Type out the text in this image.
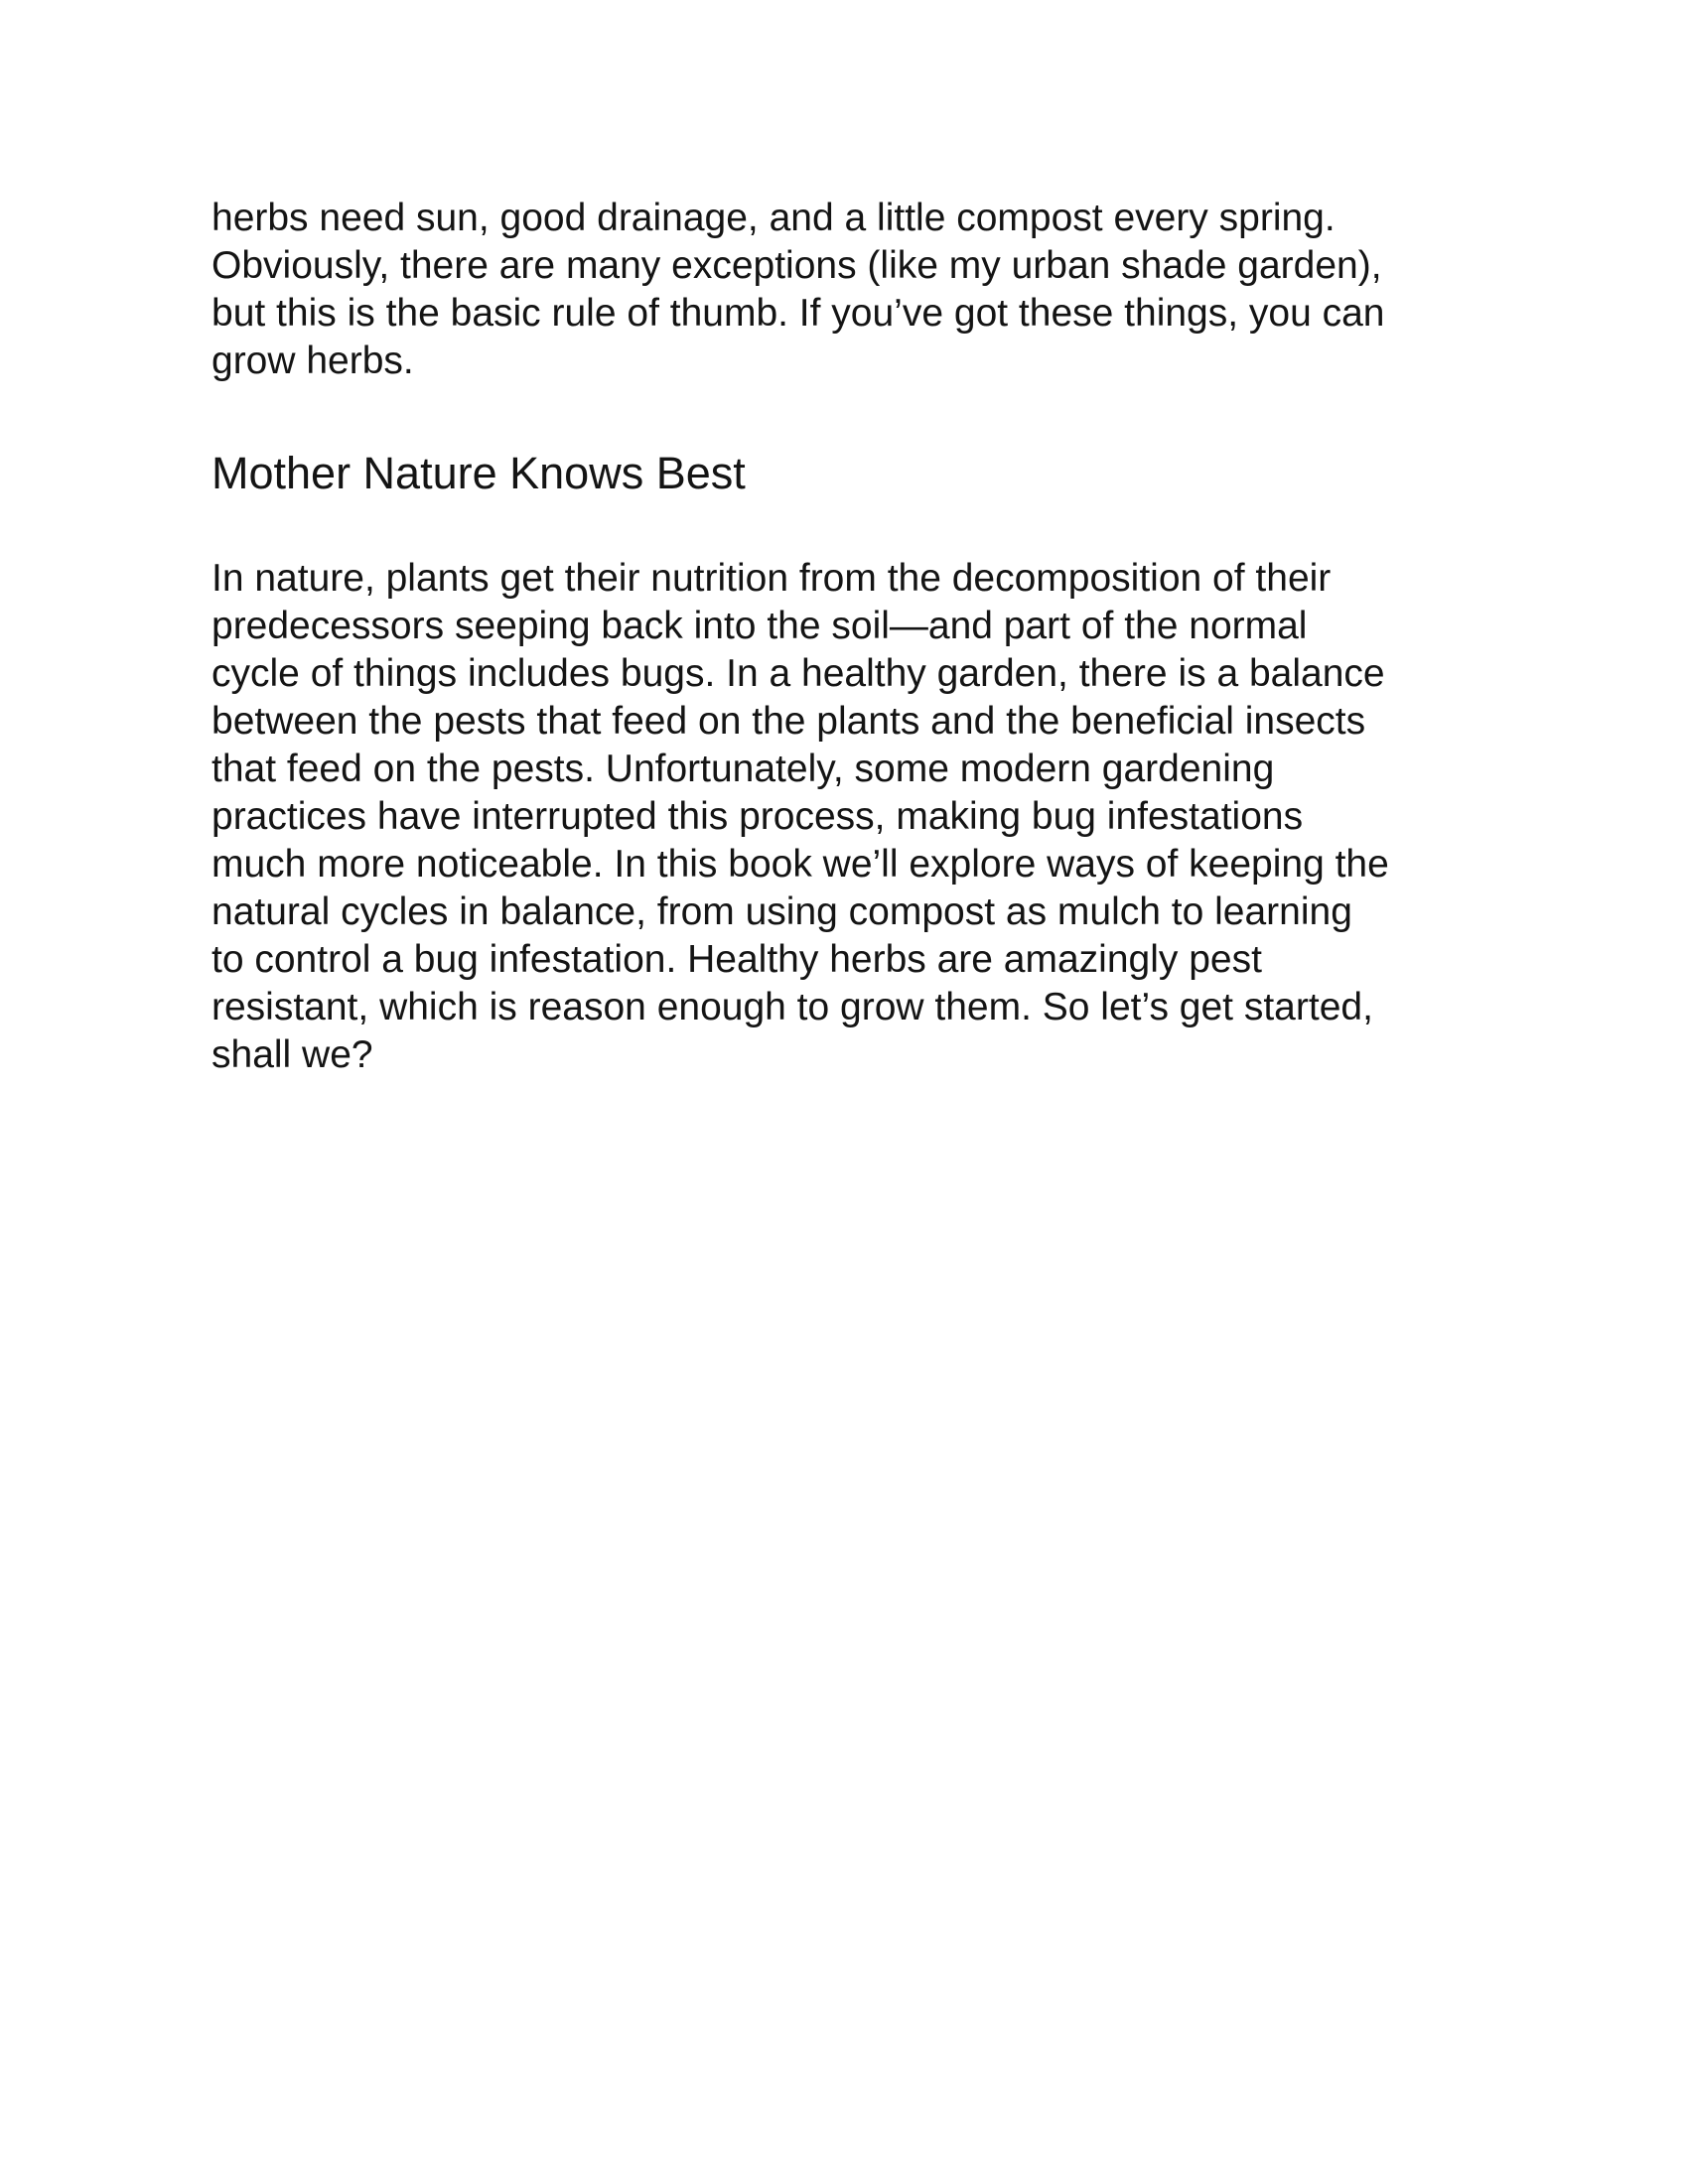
herbs need sun, good drainage, and a little compost every spring.
Obviously, there are many exceptions (like my urban shade garden),
but this is the basic rule of thumb. If you’ve got these things, you can
grow herbs.

Mother Nature Knows Best

In nature, plants get their nutrition from the decomposition of their
predecessors seeping back into the soil—and part of the normal
cycle of things includes bugs. In a healthy garden, there is a balance
between the pests that feed on the plants and the beneficial insects
that feed on the pests. Unfortunately, some modern gardening
practices have interrupted this process, making bug infestations
much more noticeable. In this book we’ll explore ways of keeping the
natural cycles in balance, from using compost as mulch to learning
to control a bug infestation. Healthy herbs are amazingly pest
resistant, which is reason enough to grow them. So let’s get started,
shall we?
